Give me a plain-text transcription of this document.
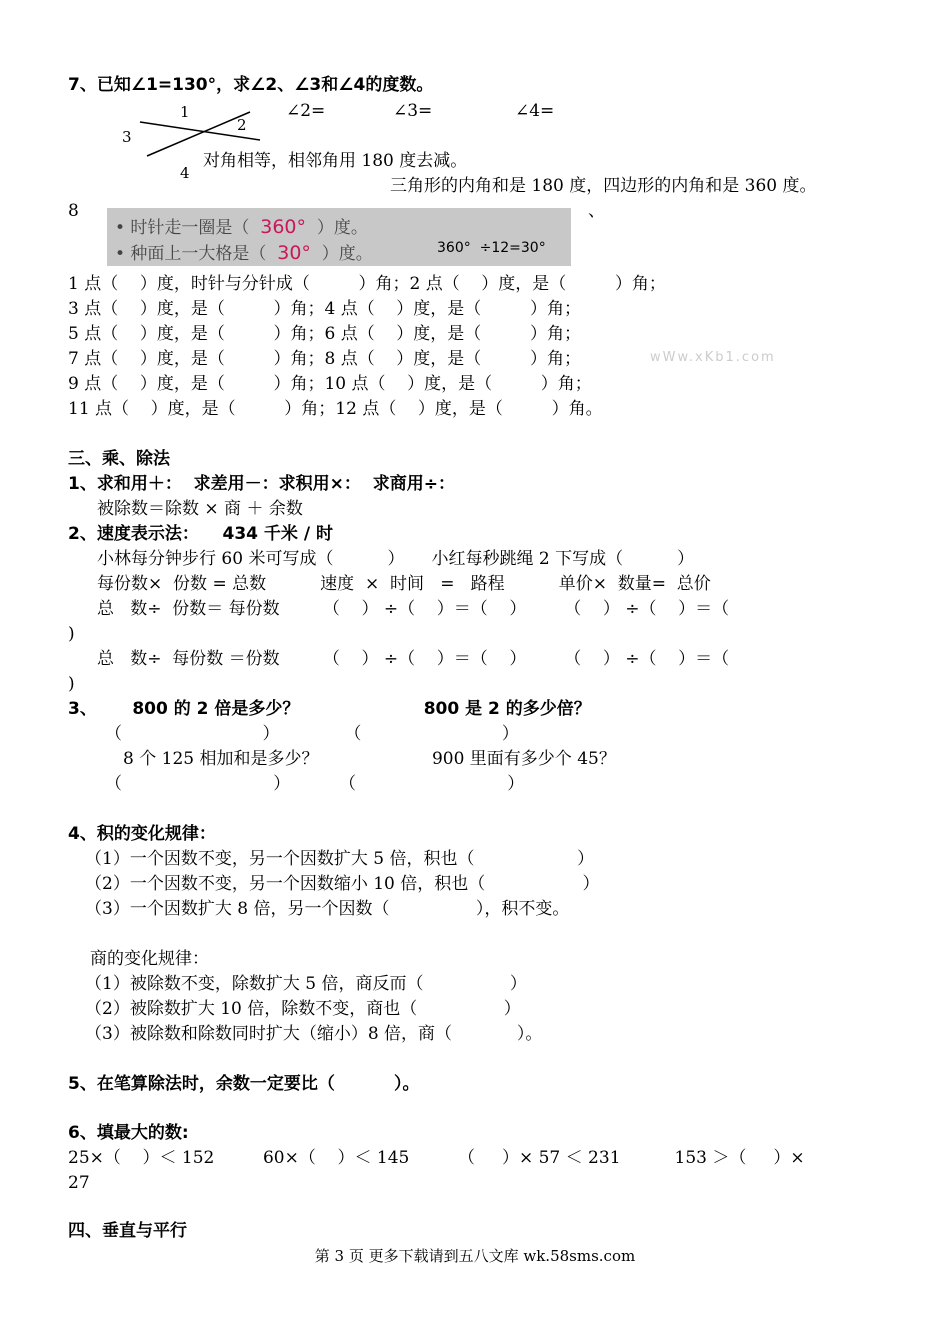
7、已知∠1=130°，求∠2、∠3和∠4的度数。
∠2=	∠3=	∠4=
1
2
3
4
对角相等，相邻角用 180 度去减。
三角形的内角和是 180 度，四边形的内角和是 360 度。
8	、
• 时针走一圈是（ 360° ）度。
• 种面上一大格是（ 30° ）度。	360°  ÷12=30°
1 点（    ）度，时针与分针成（         ）角；2 点（    ）度，是（         ）角；
3 点（    ）度，是（         ）角；4 点（    ）度，是（         ）角；
5 点（    ）度，是（         ）角；6 点（    ）度，是（         ）角；
7 点（    ）度，是（         ）角；8 点（    ）度，是（         ）角；
9 点（    ）度，是（         ）角；10 点（    ）度，是（         ）角；
11 点（    ）度，是（         ）角；12 点（    ）度，是（         ）角。
wWw.xKb1.com
三、乘、除法
1、求和用＋：  求差用－：求积用×：  求商用÷：
被除数＝除数 × 商 ＋ 余数
2、速度表示法：    434 千米 / 时
小林每分钟步行 60 米可写成（          ）     小红每秒跳绳 2 下写成（          ）
每份数×  份数 = 总数          速度  ×  时间   =   路程          单价×  数量=  总价
总   数÷  份数＝ 每份数        （    ） ÷（    ）＝（    ）       （    ） ÷（    ）＝（
)
总   数÷  每份数 ＝份数        （    ） ÷（    ）＝（    ）       （    ） ÷（    ）＝（
)
3、      800 的 2 倍是多少？                     800 是 2 的多少倍？
（                          ）            （                          ）
8 个 125 相加和是多少？                     900 里面有多少个 45？
（                            ）         （                            ）
4、积的变化规律：
（1）一个因数不变，另一个因数扩大 5 倍，积也（                   ）
（2）一个因数不变，另一个因数缩小 10 倍，积也（                  ）
（3）一个因数扩大 8 倍，另一个因数（                ），积不变。
商的变化规律：
（1）被除数不变，除数扩大 5 倍，商反而（                ）
（2）被除数扩大 10 倍，除数不变，商也（                ）
（3）被除数和除数同时扩大（缩小）8 倍，商（            ）。
5、在笔算除法时，余数一定要比（          ）。
6、填最大的数:
25×（    ）＜ 152         60×（    ）＜ 145         （     ）× 57 ＜ 231          153 ＞（     ）×
27
四、垂直与平行
第 3 页 更多下载请到五八文库 wk.58sms.com
